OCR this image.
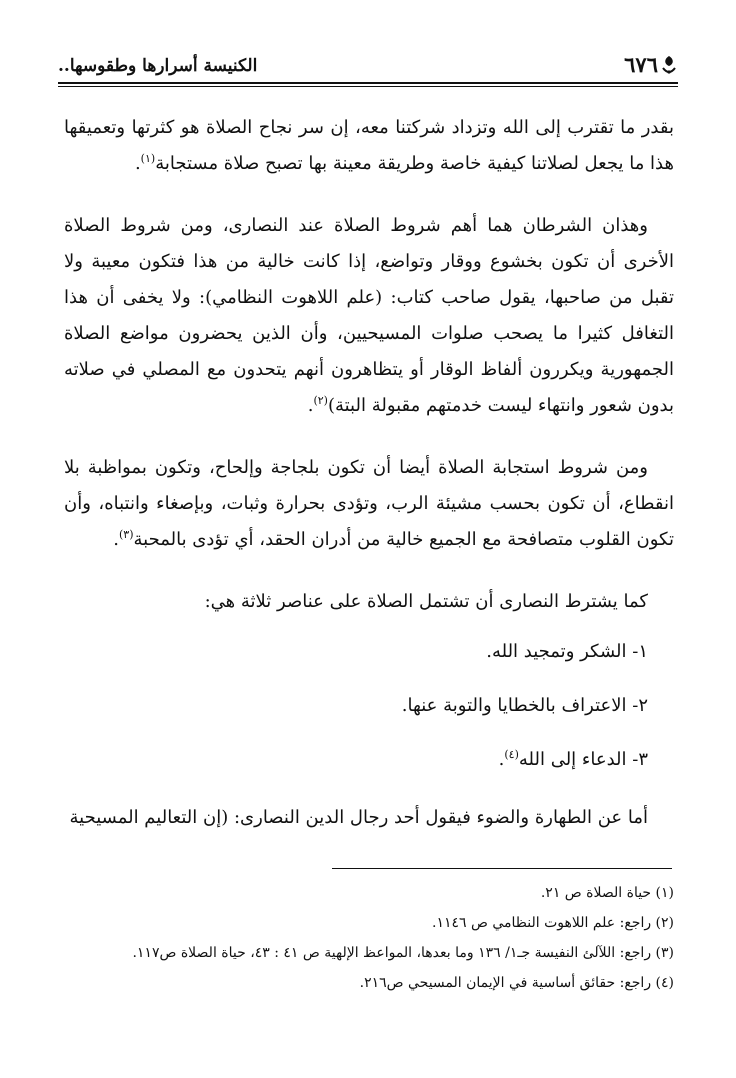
٦٧٦
الكنيسة أسرارها وطقوسها..

بقدر ما تقترب إلى الله وتزداد شركتنا معه، إن سر نجاح الصلاة هو كثرتها وتعميقها هذا ما يجعل لصلاتنا كيفية خاصة وطريقة معينة بها تصبح صلاة مستجابة$^{(١)}$.

وهذان الشرطان هما أهم شروط الصلاة عند النصارى، ومن شروط الصلاة الأخرى أن تكون بخشوع ووقار وتواضع، إذا كانت خالية من هذا فتكون معيبة ولا تقبل من صاحبها، يقول صاحب كتاب: (علم اللاهوت النظامي): ولا يخفى أن هذا التغافل كثيرا ما يصحب صلوات المسيحيين، وأن الذين يحضرون مواضع الصلاة الجمهورية ويكررون ألفاظ الوقار أو يتظاهرون أنهم يتحدون مع المصلي في صلاته بدون شعور وانتهاء ليست خدمتهم مقبولة البتة)$^{(٢)}$.

ومن شروط استجابة الصلاة أيضا أن تكون بلجاجة وإلحاح، وتكون بمواظبة بلا انقطاع، أن تكون بحسب مشيئة الرب، وتؤدى بحرارة وثبات، وبإصغاء وانتباه، وأن تكون القلوب متصافحة مع الجميع خالية من أدران الحقد، أي تؤدى بالمحبة$^{(٣)}$.

كما يشترط النصارى أن تشتمل الصلاة على عناصر ثلاثة هي:

١- الشكر وتمجيد الله.

٢- الاعتراف بالخطايا والتوبة عنها.

٣- الدعاء إلى الله$^{(٤)}$.

أما عن الطهارة والضوء فيقول أحد رجال الدين النصارى: (إن التعاليم المسيحية

(١) حياة الصلاة ص ٢١.
(٢) راجع: علم اللاهوت النظامي ص ١١٤٦.
(٣) راجع: اللآلئ النفيسة جـ١/ ١٣٦ وما بعدها، المواعظ الإلهية ص ٤١ : ٤٣، حياة الصلاة ص١١٧.
(٤) راجع: حقائق أساسية في الإيمان المسيحي ص٢١٦.
